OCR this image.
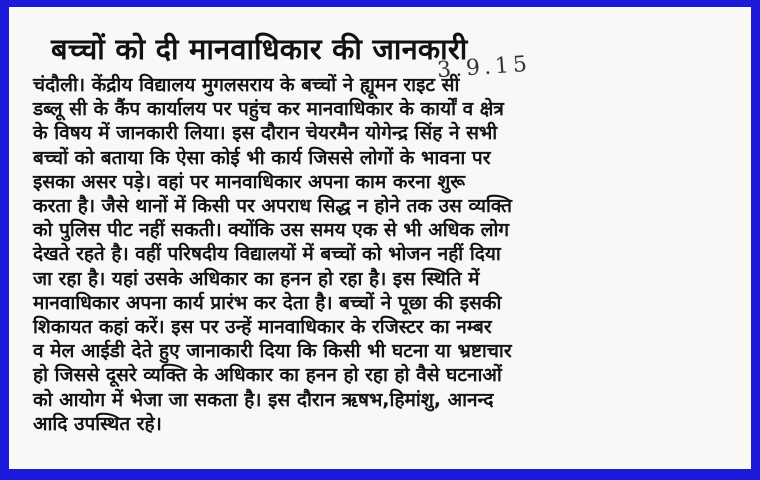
बच्चों को दी मानवाधिकार की जानकारी
3.9.15
चंदौली। केंद्रीय विद्यालय मुगलसराय के बच्चों ने ह्यूमन राइट सी
डब्लू सी के कैंप कार्यालय पर पहुंच कर मानवाधिकार के कार्यों व क्षेत्र
के विषय में जानकारी लिया। इस दौरान चेयरमैन योगेन्द्र सिंह ने सभी
बच्चों को बताया कि ऐसा कोई भी कार्य जिससे लोगों के भावना पर
इसका असर पड़े। वहां पर मानवाधिकार अपना काम करना शुरू
करता है। जैसे थानों में किसी पर अपराध सिद्ध न होने तक उस व्यक्ति
को पुलिस पीट नहीं सकती। क्योंकि उस समय एक से भी अधिक लोग
देखते रहते है। वहीं परिषदीय विद्यालयों में बच्चों को भोजन नहीं दिया
जा रहा है। यहां उसके अधिकार का हनन हो रहा है। इस स्थिति में
मानवाधिकार अपना कार्य प्रारंभ कर देता है। बच्चों ने पूछा की इसकी
शिकायत कहां करें। इस पर उन्हें मानवाधिकार के रजिस्टर का नम्बर
व मेल आईडी देते हुए जानाकारी दिया कि किसी भी घटना या भ्रष्टाचार
हो जिससे दूसरे व्यक्ति के अधिकार का हनन हो रहा हो वैसे घटनाओं
को आयोग में भेजा जा सकता है। इस दौरान ऋषभ,हिमांशु, आनन्द
आदि उपस्थित रहे।
